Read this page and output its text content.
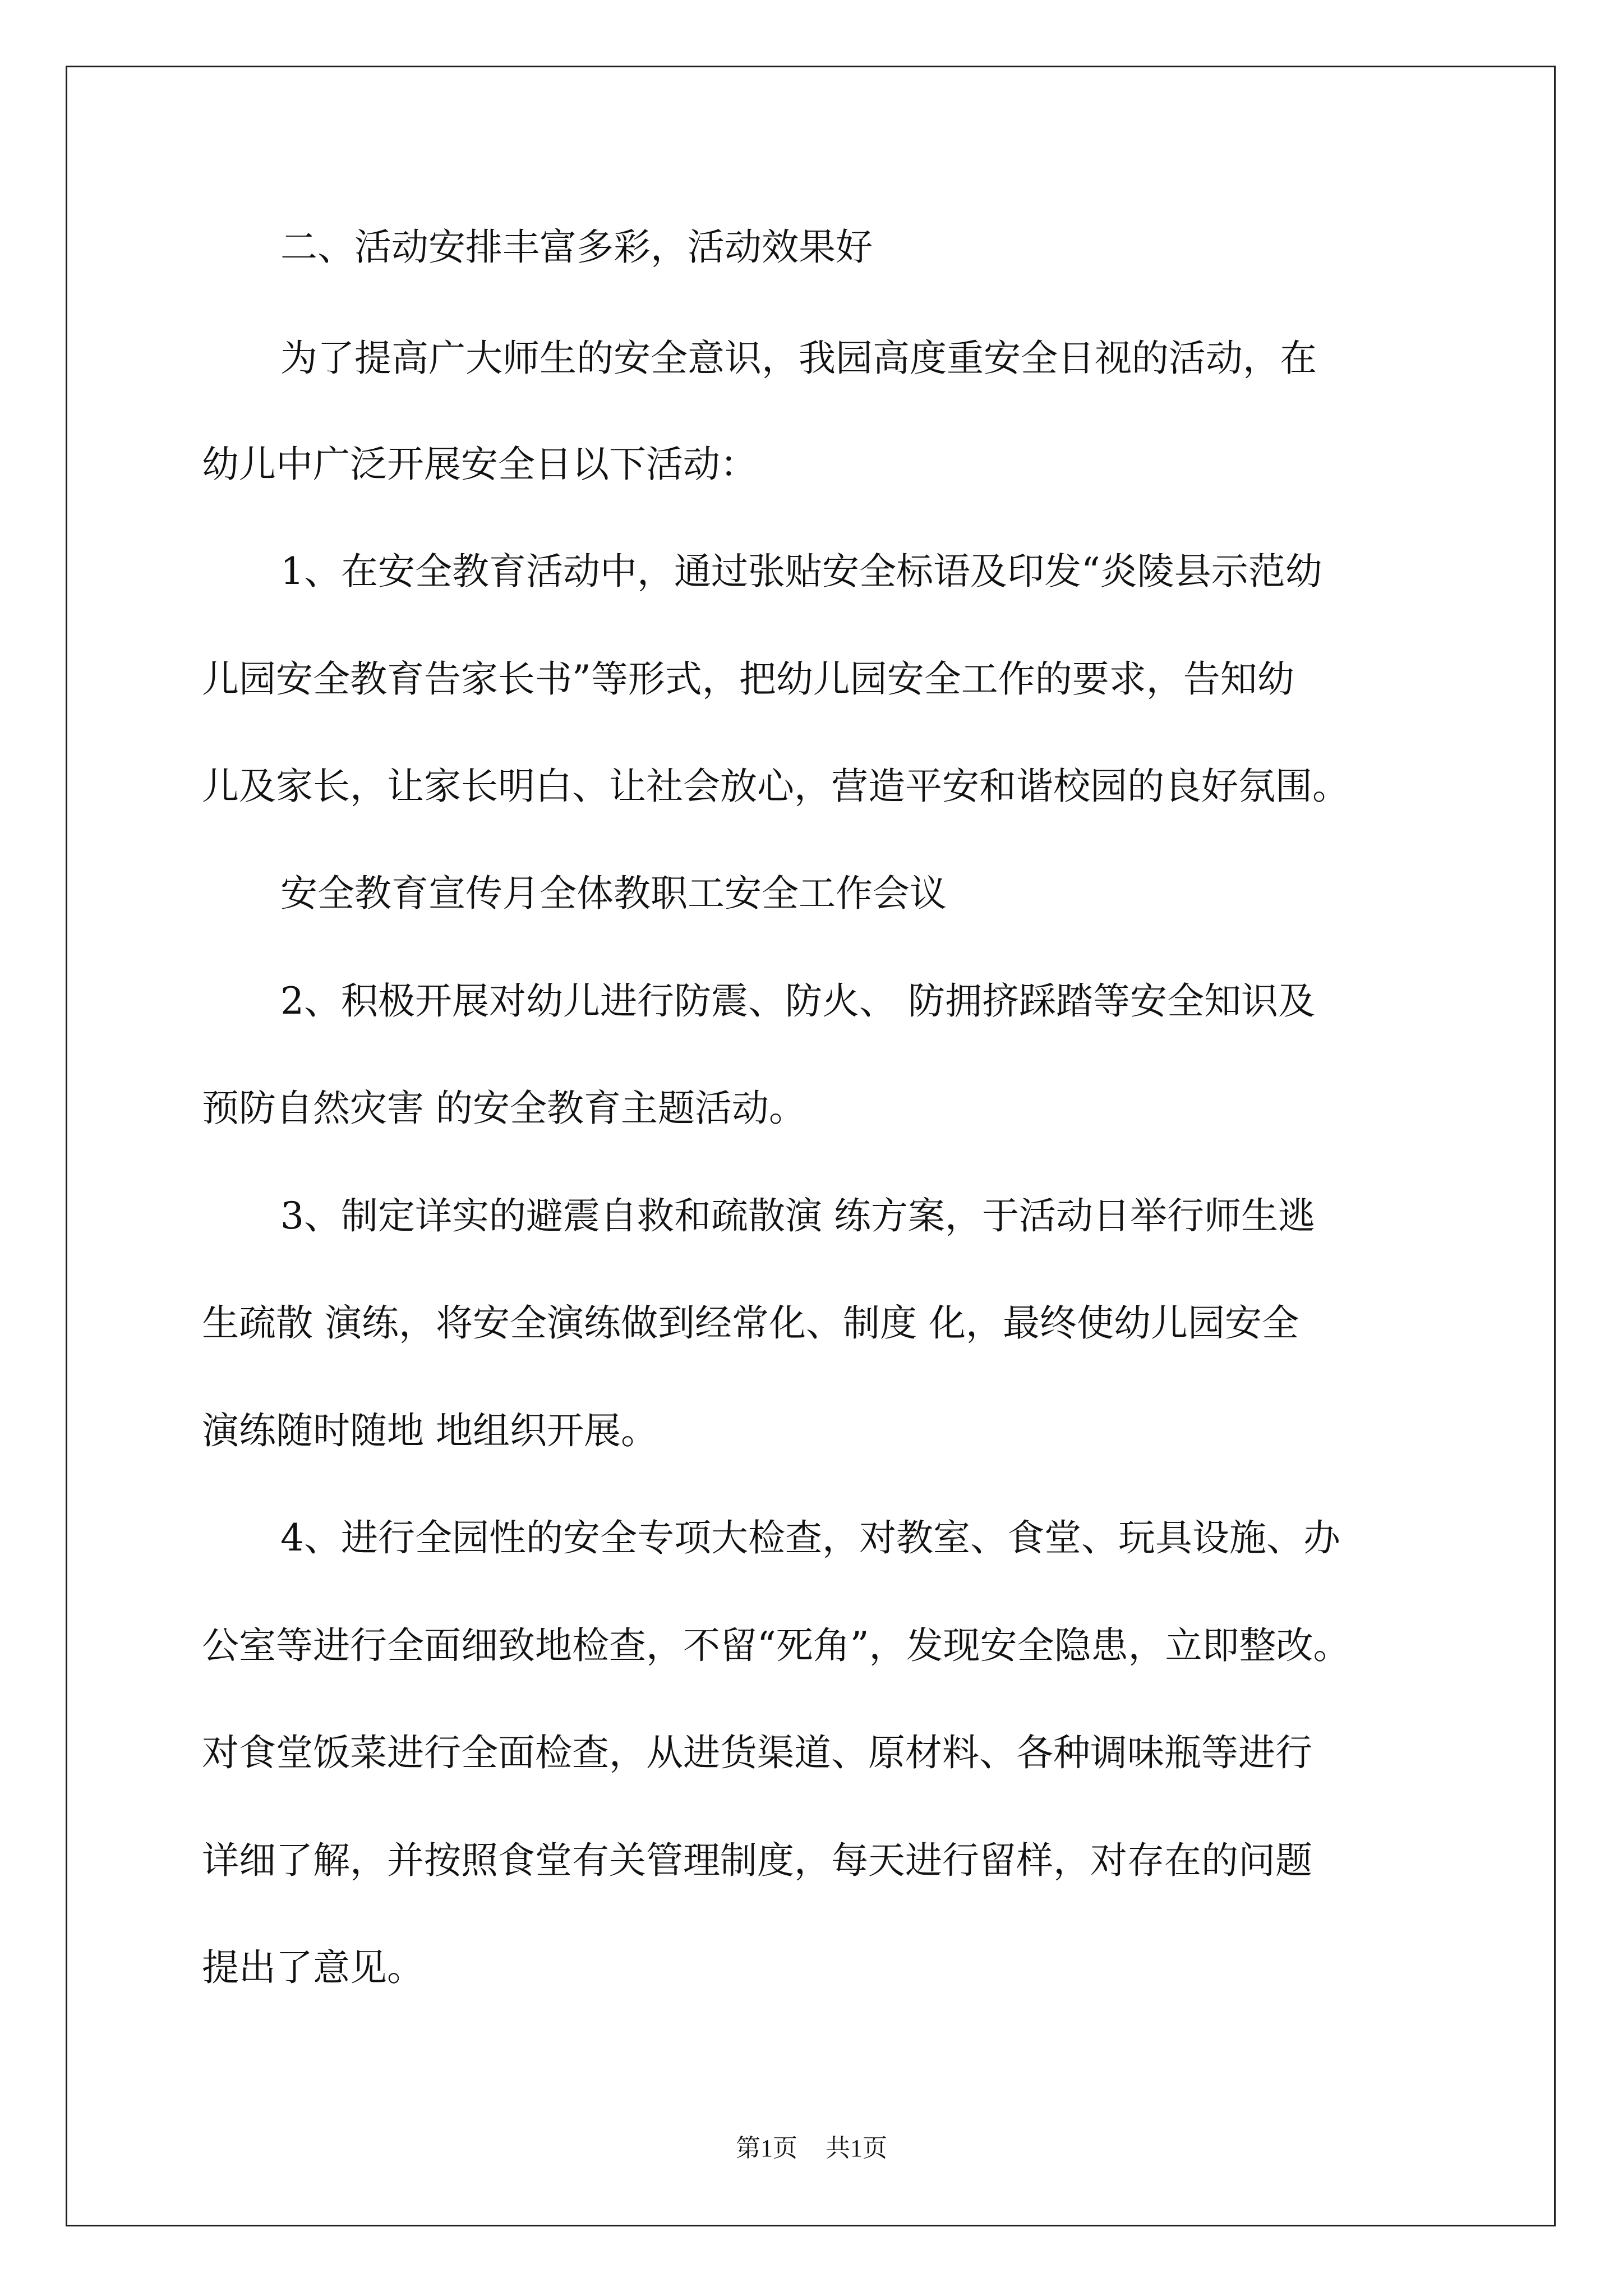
二、活动安排丰富多彩，活动效果好
为了提高广大师生的安全意识，我园高度重安全日视的活动，在
幼儿中广泛开展安全日以下活动：
1、在安全教育活动中，通过张贴安全标语及印发“炎陵县示范幼
儿园安全教育告家长书”等形式，把幼儿园安全工作的要求，告知幼
儿及家长，让家长明白、让社会放心，营造平安和谐校园的良好氛围。
安全教育宣传月全体教职工安全工作会议
2、积极开展对幼儿进行防震、防火、 防拥挤踩踏等安全知识及
预防自然灾害 的安全教育主题活动。
3、制定详实的避震自救和疏散演 练方案，于活动日举行师生逃
生疏散 演练，将安全演练做到经常化、制度 化，最终使幼儿园安全
演练随时随地 地组织开展。
4、进行全园性的安全专项大检查，对教室、食堂、玩具设施、办
公室等进行全面细致地检查，不留“死角”，发现安全隐患，立即整改。
对食堂饭菜进行全面检查，从进货渠道、原材料、各种调味瓶等进行
详细了解，并按照食堂有关管理制度，每天进行留样，对存在的问题
提出了意见。
第1页 共1页
